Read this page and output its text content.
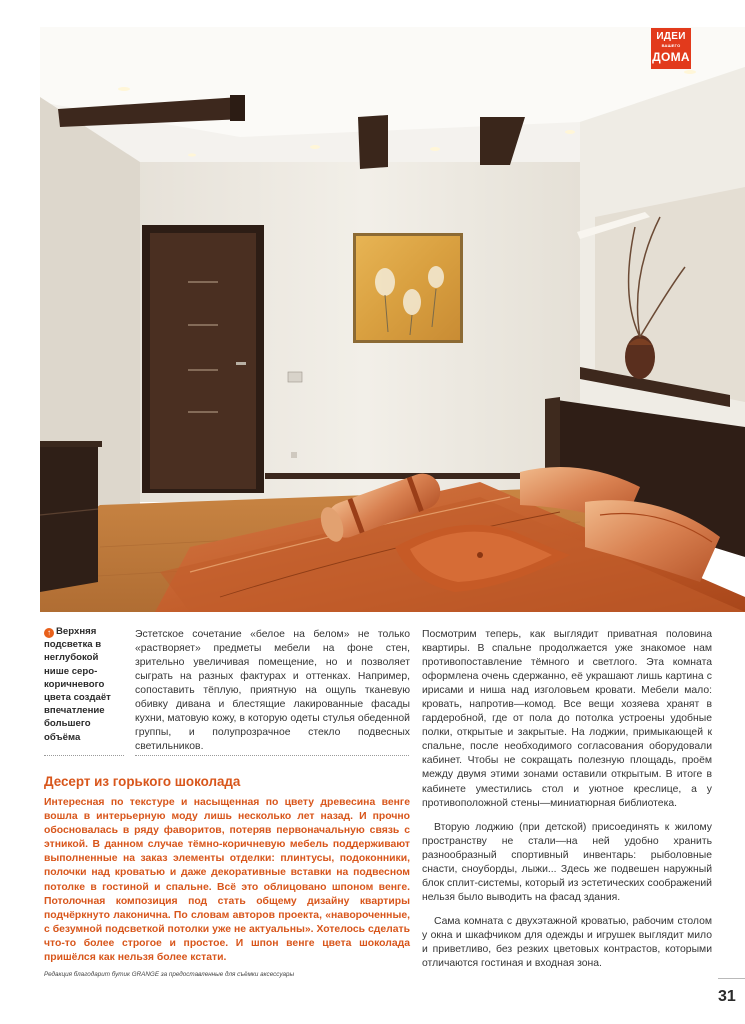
ИДЕИ
ВАШЕГО
ДОМА
↑ Верхняя подсветка в неглубокой нише серо-коричневого цвета создаёт впечатление большего объёма

Эстетское сочетание «белое на белом» не только «растворяет» предметы мебели на фоне стен, зрительно увеличивая помещение, но и позволяет сыграть на разных фактурах и оттенках. Например, сопоставить тёплую, приятную на ощупь тканевую обивку дивана и блестящие лакированные фасады кухни, матовую кожу, в которую одеты стулья обеденной группы, и полупрозрачное стекло подвесных светильников.

Десерт из горького шоколада
Интересная по текстуре и насыщенная по цвету древесина венге вошла в интерьерную моду лишь несколько лет назад. И прочно обосновалась в ряду фаворитов, потеряв первоначальную связь с этникой. В данном случае тёмно-коричневую мебель поддерживают выполненные на заказ элементы отделки: плинтусы, подоконники, полочки над кроватью и даже декоративные вставки на подвесном потолке в гостиной и спальне. Всё это облицовано шпоном венге. Потолочная композиция под стать общему дизайну квартиры подчёркнуто лаконична. По словам авторов проекта, «навороченные, с безумной подсветкой потолки уже не актуальны». Хотелось сделать что-то более строгое и простое. И шпон венге цвета шоколада пришёлся как нельзя более кстати.

Посмотрим теперь, как выглядит приватная половина квартиры. В спальне продолжается уже знакомое нам противопоставление тёмного и светлого. Эта комната оформлена очень сдержанно, её украшают лишь картина с ирисами и ниша над изголовьем кровати. Мебели мало: кровать, напротив—комод. Все вещи хозяева хранят в гардеробной, где от пола до потолка устроены удобные полки, открытые и закрытые. На лоджии, примыкающей к спальне, после необходимого согласования оборудовали кабинет. Чтобы не сокращать полезную площадь, проём между двумя этими зонами оставили открытым. В итоге в кабинете уместились стол и уютное креслице, а у противоположной стены—миниатюрная библиотека.

Вторую лоджию (при детской) присоединять к жилому пространству не стали—на ней удобно хранить разнообразный спортивный инвентарь: рыболовные снасти, сноуборды, лыжи... Здесь же подвешен наружный блок сплит-системы, который из эстетических соображений нельзя было выводить на фасад здания.

Сама комната с двухэтажной кроватью, рабочим столом у окна и шкафчиком для одежды и игрушек выглядит мило и приветливо, без резких цветовых контрастов, которыми отличаются гостиная и входная зона.

Редакция благодарит бутик GRANGE за предоставленные для съёмки аксессуары
31
